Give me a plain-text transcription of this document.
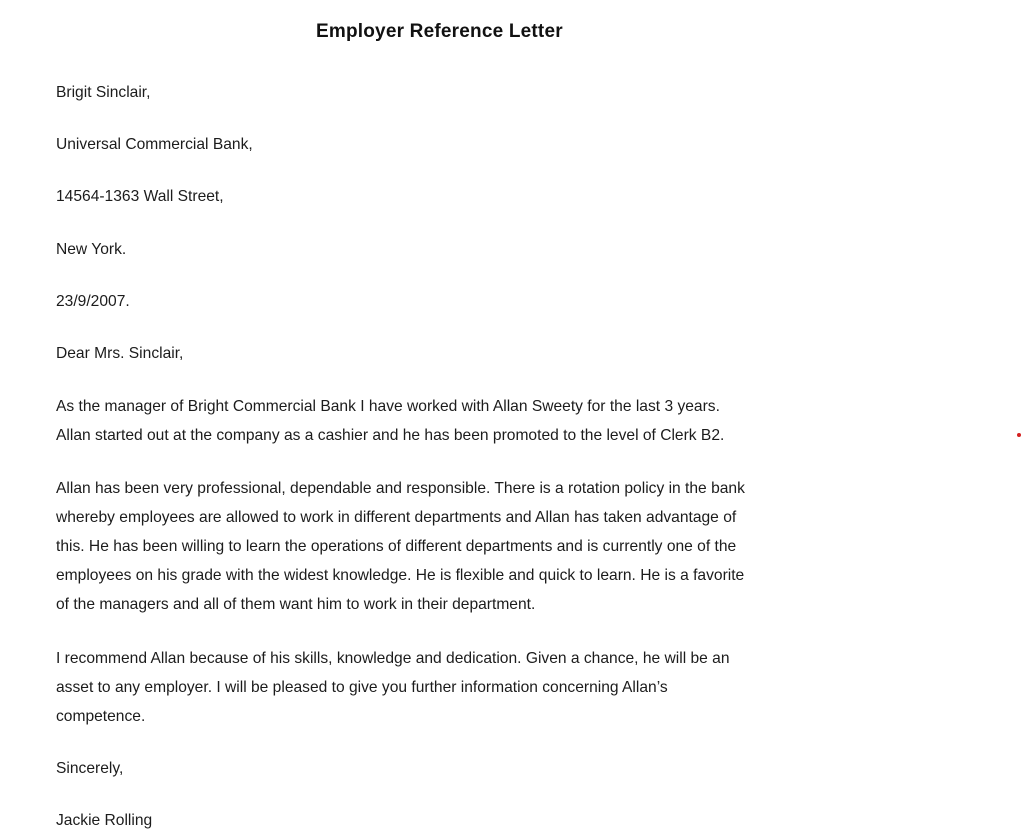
Employer Reference Letter
Brigit Sinclair,
Universal Commercial Bank,
14564-1363 Wall Street,
New York.
23/9/2007.
Dear Mrs. Sinclair,
As the manager of Bright Commercial Bank I have worked with Allan Sweety for the last 3 years.
Allan started out at the company as a cashier and he has been promoted to the level of Clerk B2.
Allan has been very professional, dependable and responsible. There is a rotation policy in the bank
whereby employees are allowed to work in different departments and Allan has taken advantage of
this. He has been willing to learn the operations of different departments and is currently one of the
employees on his grade with the widest knowledge. He is flexible and quick to learn. He is a favorite
of the managers and all of them want him to work in their department.
I recommend Allan because of his skills, knowledge and dedication. Given a chance, he will be an
asset to any employer. I will be pleased to give you further information concerning Allan’s
competence.
Sincerely,
Jackie Rolling
